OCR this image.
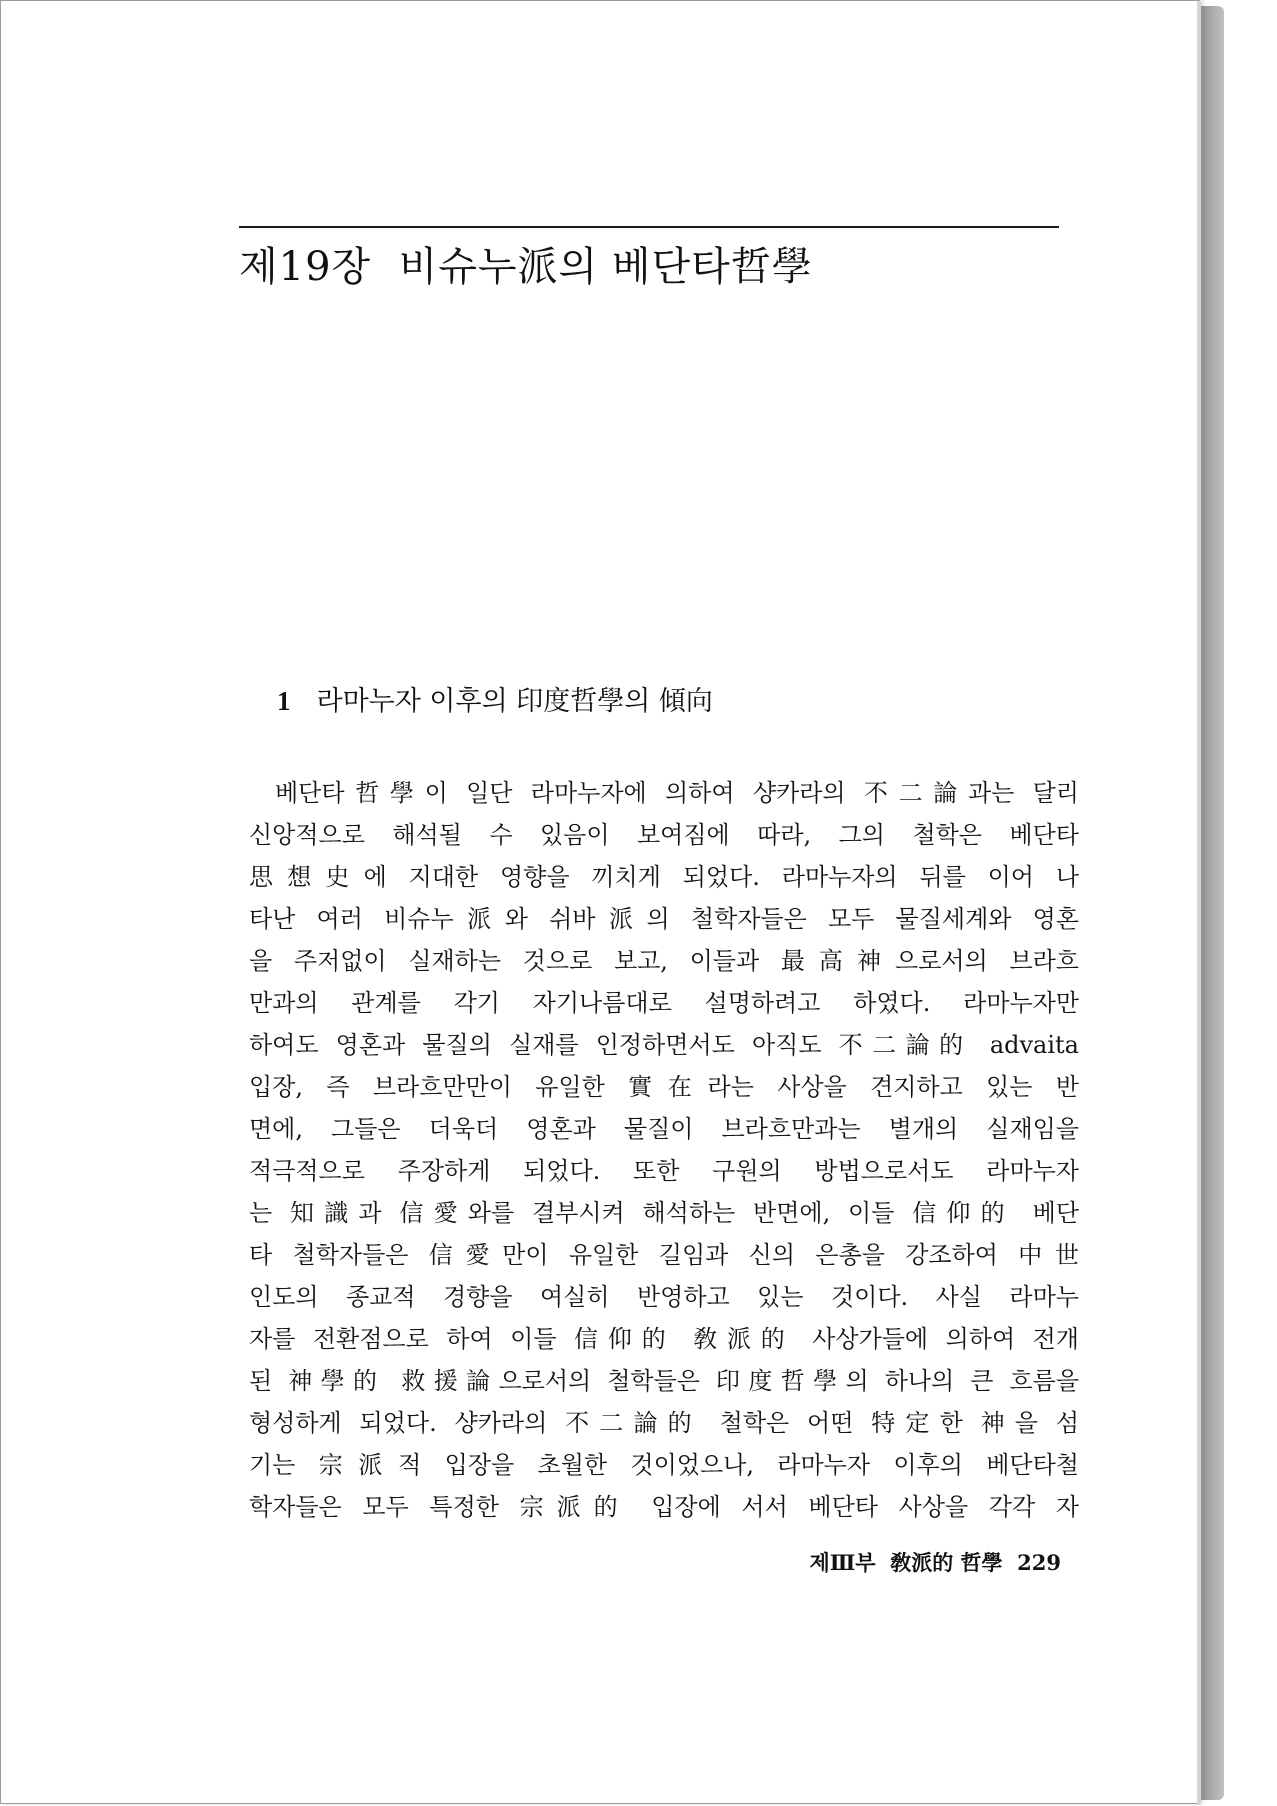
제19장  비슈누派의 베단타哲學
1 라마누자 이후의 印度哲學의 傾向
베단타哲學이 일단 라마누자에 의하여 샹카라의 不二論과는 달리
신앙적으로 해석될 수 있음이 보여짐에 따라, 그의 철학은 베단타
思想史에 지대한 영향을 끼치게 되었다. 라마누자의 뒤를 이어 나
타난 여러 비슈누派와 쉬바派의 철학자들은 모두 물질세계와 영혼
을 주저없이 실재하는 것으로 보고, 이들과 最高神으로서의 브라흐
만과의 관계를 각기 자기나름대로 설명하려고 하였다. 라마누자만
하여도 영혼과 물질의 실재를 인정하면서도 아직도 不二論的 advaita
입장, 즉 브라흐만만이 유일한 實在라는 사상을 견지하고 있는 반
면에, 그들은 더욱더 영혼과 물질이 브라흐만과는 별개의 실재임을
적극적으로 주장하게 되었다. 또한 구원의 방법으로서도 라마누자
는 知識과 信愛와를 결부시켜 해석하는 반면에, 이들 信仰的 베단
타 철학자들은 信愛만이 유일한 길임과 신의 은총을 강조하여 中世
인도의 종교적 경향을 여실히 반영하고 있는 것이다. 사실 라마누
자를 전환점으로 하여 이들 信仰的 敎派的 사상가들에 의하여 전개
된 神學的 救援論으로서의 철학들은 印度哲學의 하나의 큰 흐름을
형성하게 되었다. 샹카라의 不二論的 철학은 어떤 特定한 神을 섬
기는 宗派적 입장을 초월한 것이었으나, 라마누자 이후의 베단타철
학자들은 모두 특정한 宗派的 입장에 서서 베단타 사상을 각각 자
제Ⅲ부  敎派的 哲學  229
